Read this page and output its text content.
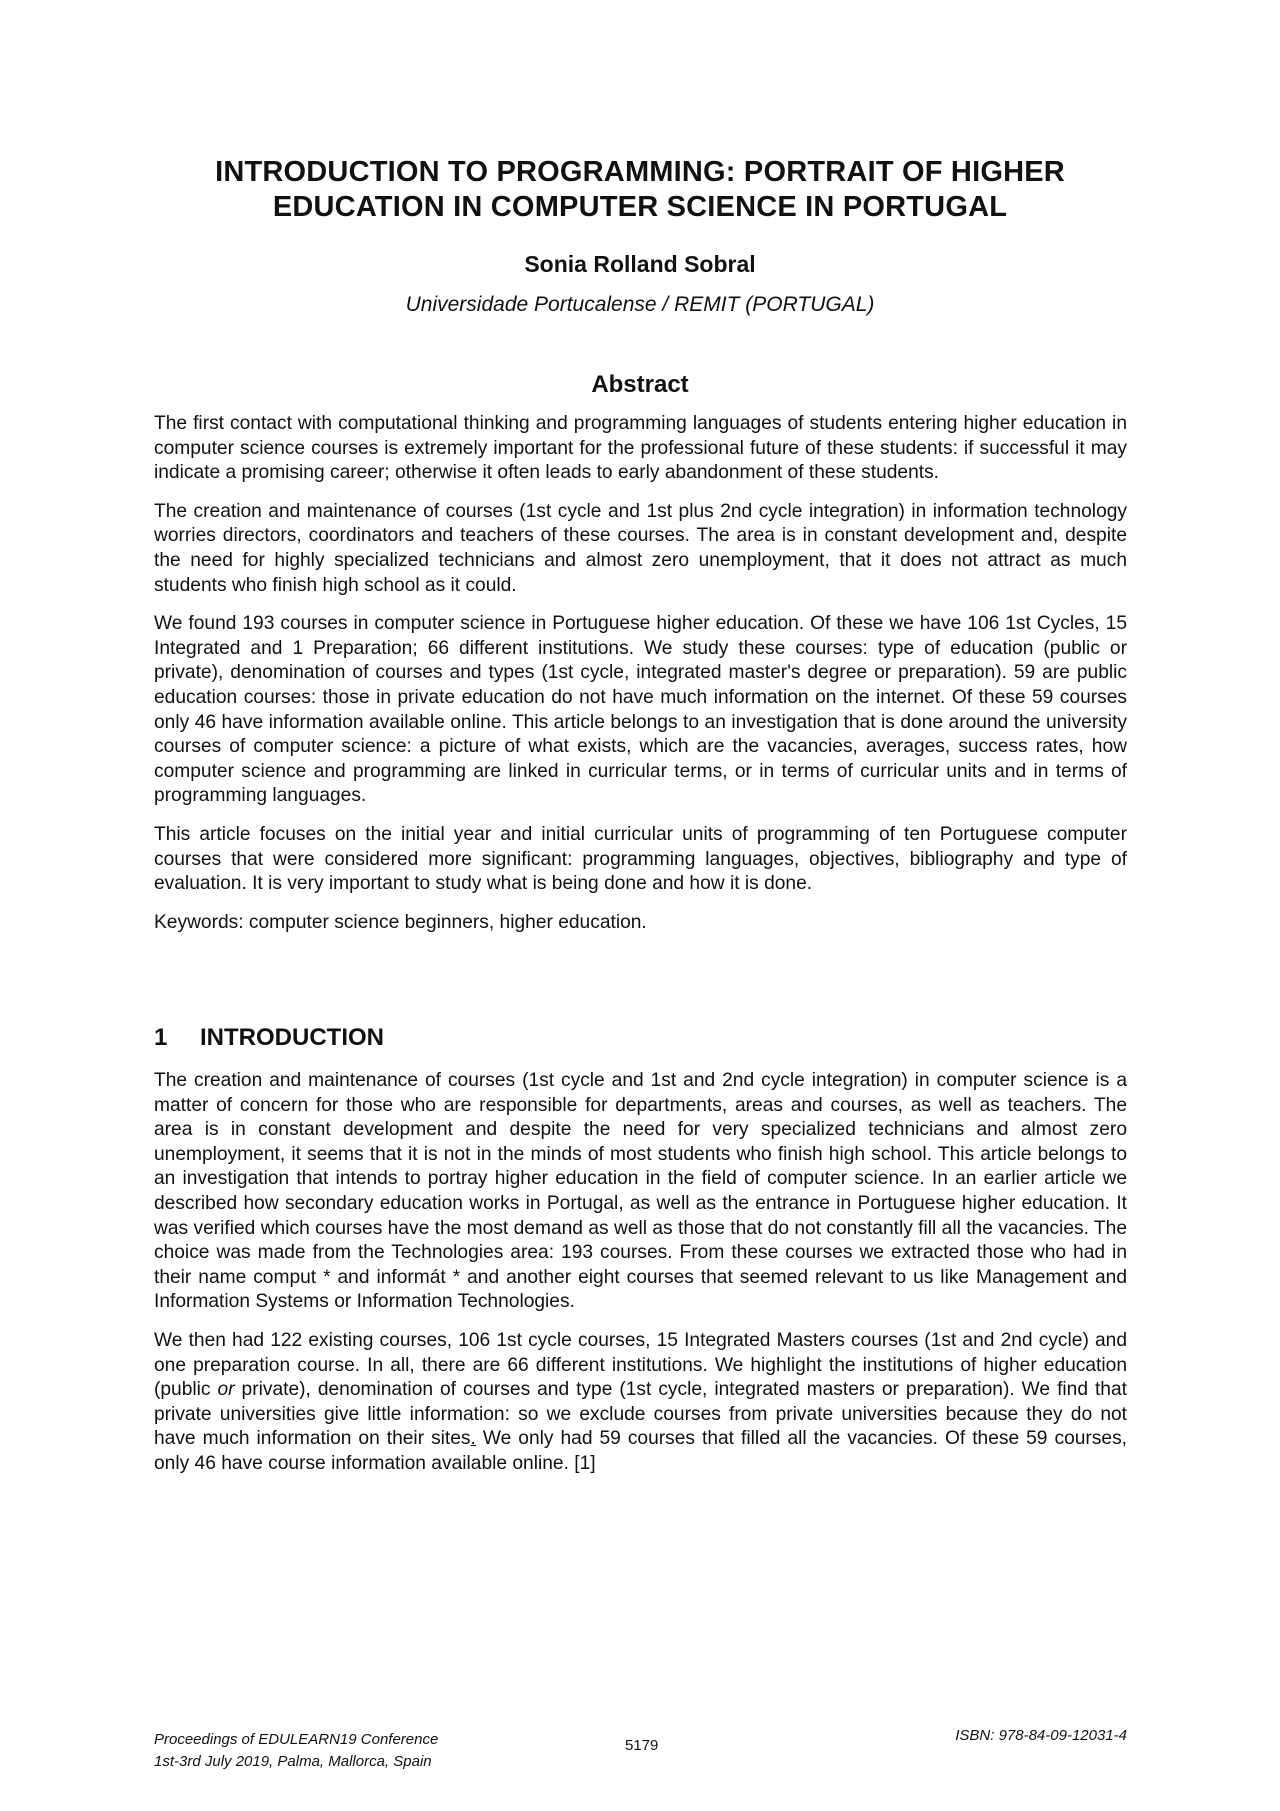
INTRODUCTION TO PROGRAMMING: PORTRAIT OF HIGHER
EDUCATION IN COMPUTER SCIENCE IN PORTUGAL
Sonia Rolland Sobral
Universidade Portucalense / REMIT (PORTUGAL)
Abstract

The first contact with computational thinking and programming languages of students entering higher education in computer science courses is extremely important for the professional future of these students: if successful it may indicate a promising career; otherwise it often leads to early abandonment of these students.

The creation and maintenance of courses (1st cycle and 1st plus 2nd cycle integration) in information technology worries directors, coordinators and teachers of these courses. The area is in constant development and, despite the need for highly specialized technicians and almost zero unemployment, that it does not attract as much students who finish high school as it could.

We found 193 courses in computer science in Portuguese higher education. Of these we have 106 1st Cycles, 15 Integrated and 1 Preparation; 66 different institutions. We study these courses: type of education (public or private), denomination of courses and types (1st cycle, integrated master's degree or preparation). 59 are public education courses: those in private education do not have much information on the internet. Of these 59 courses only 46 have information available online. This article belongs to an investigation that is done around the university courses of computer science: a picture of what exists, which are the vacancies, averages, success rates, how computer science and programming are linked in curricular terms, or in terms of curricular units and in terms of programming languages.

This article focuses on the initial year and initial curricular units of programming of ten Portuguese computer courses that were considered more significant: programming languages, objectives, bibliography and type of evaluation. It is very important to study what is being done and how it is done.

Keywords: computer science beginners, higher education.

1 INTRODUCTION

The creation and maintenance of courses (1st cycle and 1st and 2nd cycle integration) in computer science is a matter of concern for those who are responsible for departments, areas and courses, as well as teachers. The area is in constant development and despite the need for very specialized technicians and almost zero unemployment, it seems that it is not in the minds of most students who finish high school. This article belongs to an investigation that intends to portray higher education in the field of computer science. In an earlier article we described how secondary education works in Portugal, as well as the entrance in Portuguese higher education. It was verified which courses have the most demand as well as those that do not constantly fill all the vacancies. The choice was made from the Technologies area: 193 courses. From these courses we extracted those who had in their name comput * and informát * and another eight courses that seemed relevant to us like Management and Information Systems or Information Technologies.

We then had 122 existing courses, 106 1st cycle courses, 15 Integrated Masters courses (1st and 2nd cycle) and one preparation course. In all, there are 66 different institutions. We highlight the institutions of higher education (public or private), denomination of courses and type (1st cycle, integrated masters or preparation). We find that private universities give little information: so we exclude courses from private universities because they do not have much information on their sites. We only had 59 courses that filled all the vacancies. Of these 59 courses, only 46 have course information available online. [1]

Proceedings of EDULEARN19 Conference
1st-3rd July 2019, Palma, Mallorca, Spain
5179
ISBN: 978-84-09-12031-4
